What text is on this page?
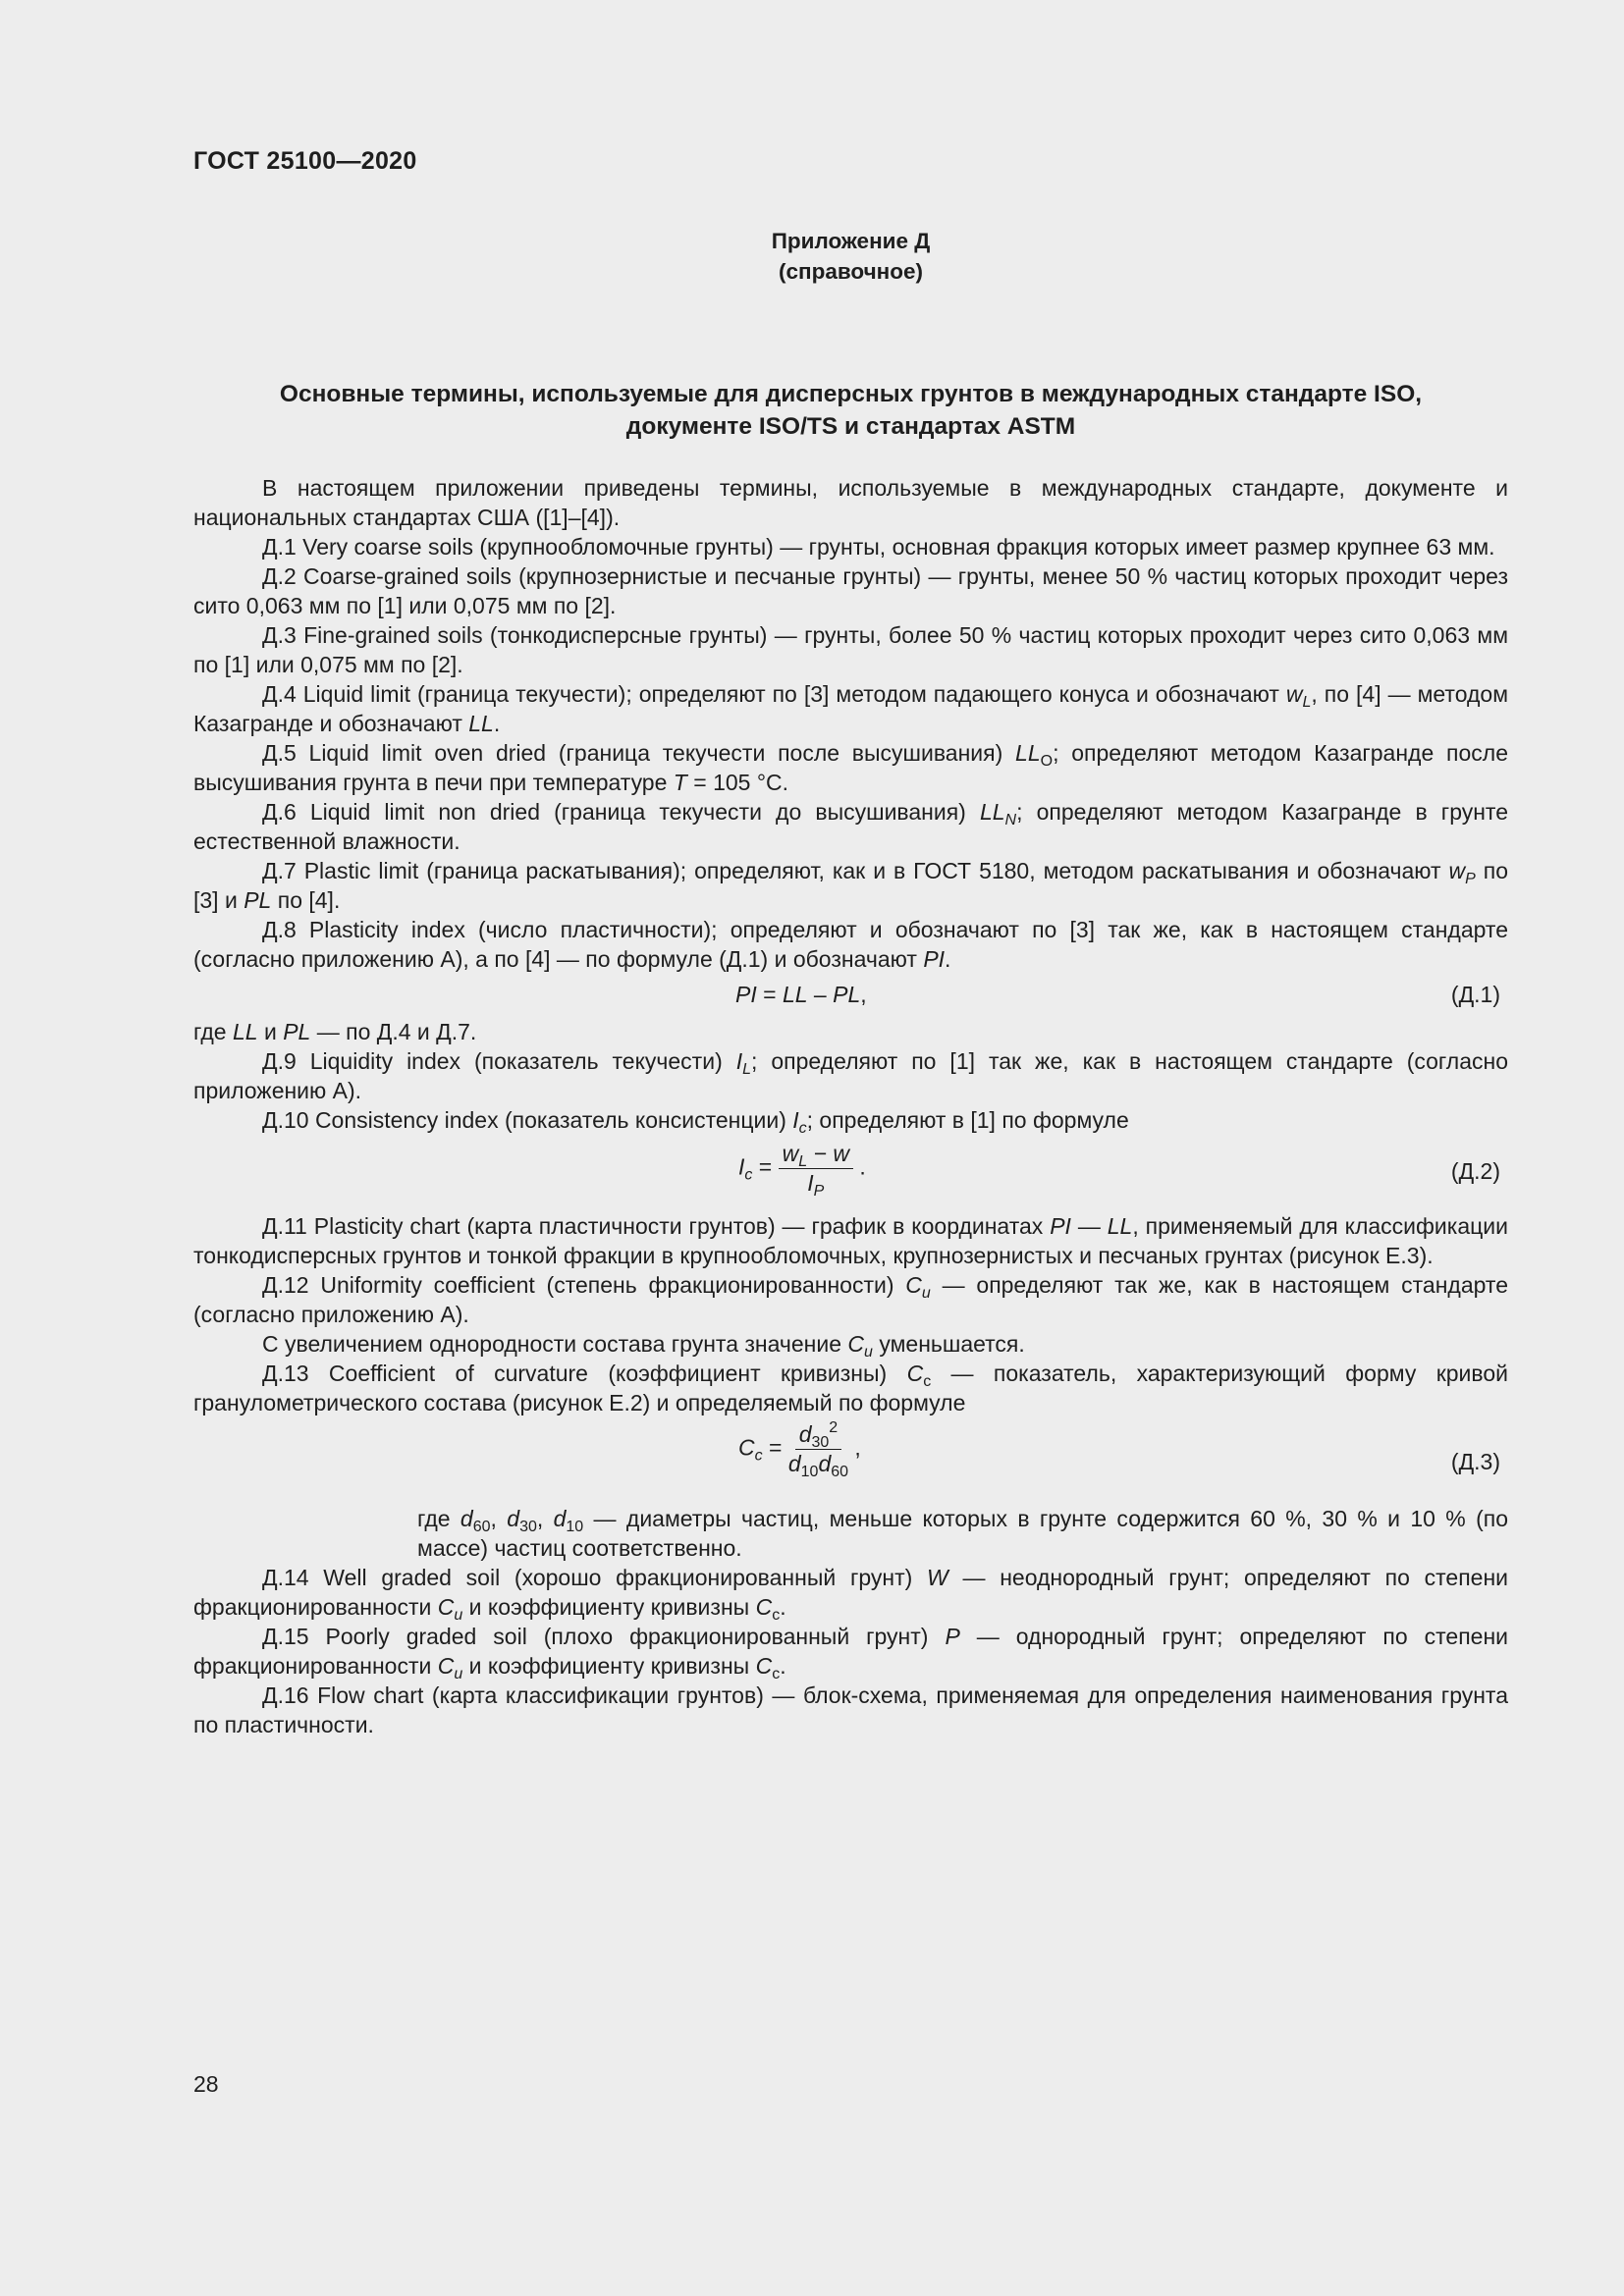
ГОСТ 25100—2020
Приложение Д
(справочное)
Основные термины, используемые для дисперсных грунтов в международных стандарте ISO,
документе ISO/TS и стандартах ASTM

В настоящем приложении приведены термины, используемые в международных стандарте, документе и национальных стандартах США ([1]–[4]).

Д.1 Very coarse soils (крупнообломочные грунты) — грунты, основная фракция которых имеет размер крупнее 63 мм.

Д.2 Coarse-grained soils (крупнозернистые и песчаные грунты) — грунты, менее 50 % частиц которых проходит через сито 0,063 мм по [1] или 0,075 мм по [2].

Д.3 Fine-grained soils (тонкодисперсные грунты) — грунты, более 50 % частиц которых проходит через сито 0,063 мм по [1] или 0,075 мм по [2].

Д.4 Liquid limit (граница текучести); определяют по [3] методом падающего конуса и обозначают $w_L$, по [4] — методом Казагранде и обозначают LL.

Д.5 Liquid limit oven dried (граница текучести после высушивания) $LL_O$; определяют методом Казагранде после высушивания грунта в печи при температуре T = 105 °C.

Д.6 Liquid limit non dried (граница текучести до высушивания) $LL_N$; определяют методом Казагранде в грунте естественной влажности.

Д.7 Plastic limit (граница раскатывания); определяют, как и в ГОСТ 5180, методом раскатывания и обозначают $w_P$ по [3] и PL по [4].

Д.8 Plasticity index (число пластичности); определяют и обозначают по [3] так же, как в настоящем стандарте (согласно приложению А), а по [4] — по формуле (Д.1) и обозначают PI.

PI = LL – PL,	(Д.1)

где LL и PL — по Д.4 и Д.7.

Д.9 Liquidity index (показатель текучести) $I_L$; определяют по [1] так же, как в настоящем стандарте (согласно приложению А).

Д.10 Consistency index (показатель консистенции) $I_c$; определяют в [1] по формуле

$I_c = \frac{w_L - w}{I_P}$ .	(Д.2)

Д.11 Plasticity chart (карта пластичности грунтов) — график в координатах PI — LL, применяемый для классификации тонкодисперсных грунтов и тонкой фракции в крупнообломочных, крупнозернистых и песчаных грунтах (рисунок Е.3).

Д.12 Uniformity coefficient (степень фракционированности) $C_u$ — определяют так же, как в настоящем стандарте (согласно приложению А).

С увеличением однородности состава грунта значение $C_u$ уменьшается.

Д.13 Coefficient of curvature (коэффициент кривизны) $C_c$ — показатель, характеризующий форму кривой гранулометрического состава (рисунок Е.2) и определяемый по формуле

$C_c = \frac{d_{30}^2}{d_{10}d_{60}}$ ,
(Д.3)

где $d_{60}$, $d_{30}$, $d_{10}$ — диаметры частиц, меньше которых в грунте содержится 60 %, 30 % и 10 % (по массе) частиц соответственно.

Д.14 Well graded soil (хорошо фракционированный грунт) W — неоднородный грунт; определяют по степени фракционированности $C_u$ и коэффициенту кривизны $C_c$.

Д.15 Poorly graded soil (плохо фракционированный грунт) P — однородный грунт; определяют по степени фракционированности $C_u$ и коэффициенту кривизны $C_c$.

Д.16 Flow chart (карта классификации грунтов) — блок-схема, применяемая для определения наименования грунта по пластичности.

28
